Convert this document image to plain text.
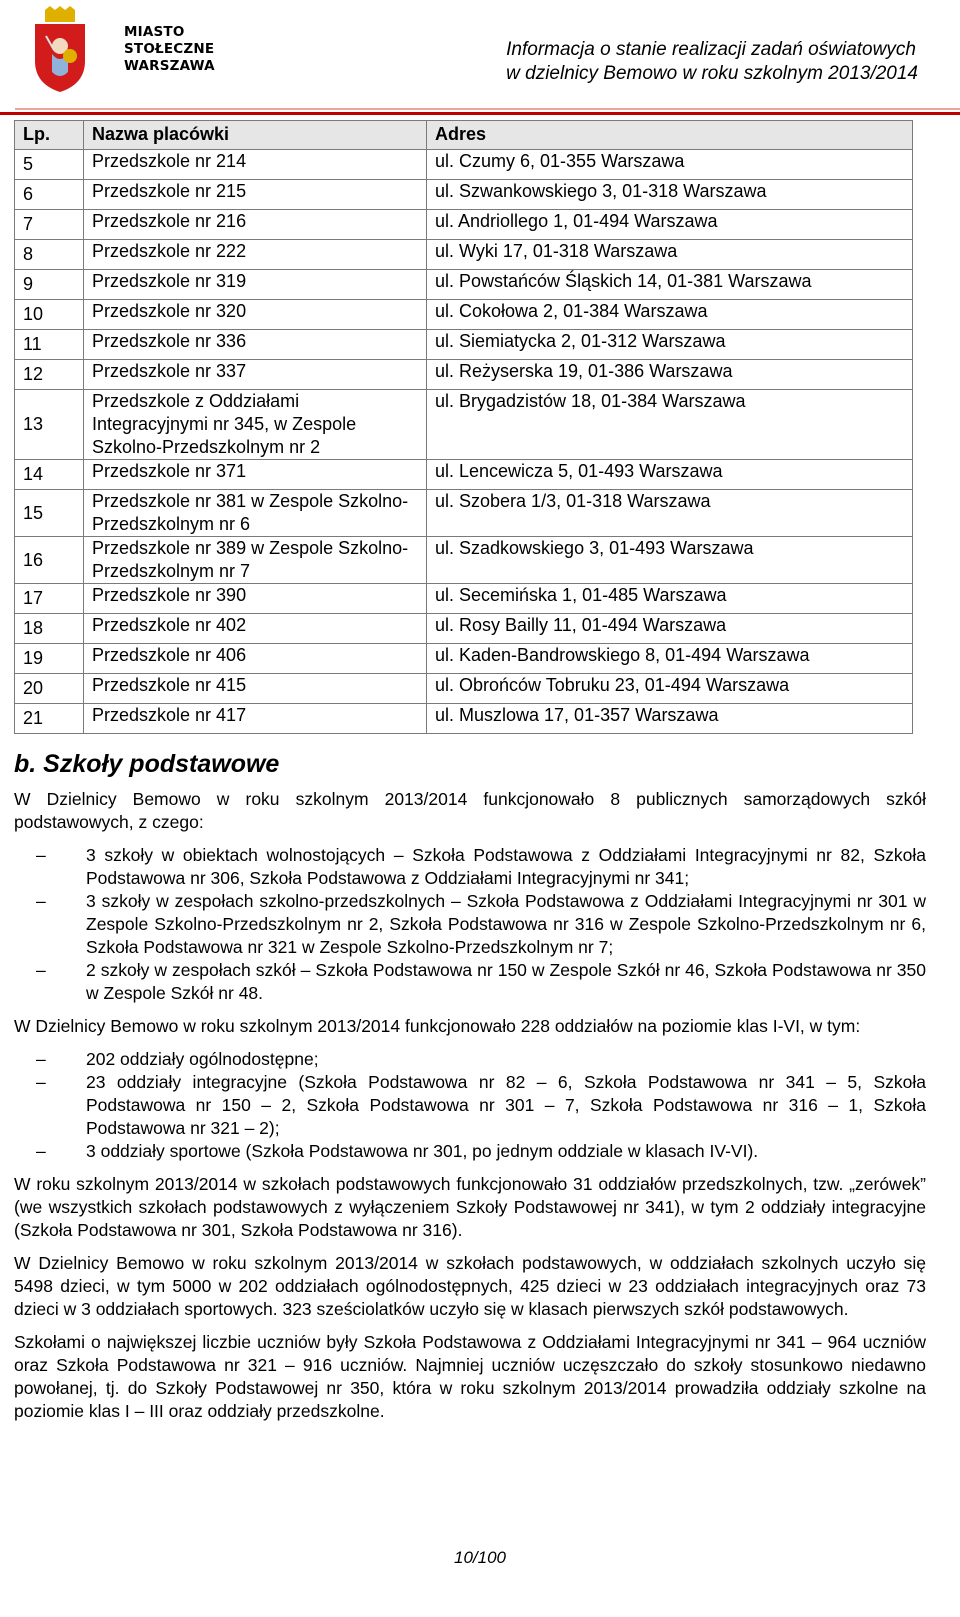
MIASTO
STOŁECZNE
WARSZAWA
Informacja o stanie realizacji zadań oświatowych
w dzielnicy Bemowo w roku szkolnym 2013/2014
Lp.	Nazwa placówki	Adres
5	Przedszkole nr 214	ul. Czumy 6, 01-355 Warszawa
6	Przedszkole nr 215	ul. Szwankowskiego 3, 01-318 Warszawa
7	Przedszkole nr 216	ul. Andriollego 1, 01-494 Warszawa
8	Przedszkole nr 222	ul. Wyki 17, 01-318 Warszawa
9	Przedszkole nr 319	ul. Powstańców Śląskich 14, 01-381 Warszawa
10	Przedszkole nr 320	ul. Cokołowa 2, 01-384 Warszawa
11	Przedszkole nr 336	ul. Siemiatycka 2, 01-312 Warszawa
12	Przedszkole nr 337	ul. Reżyserska 19, 01-386 Warszawa
13	Przedszkole z Oddziałami Integracyjnymi nr 345, w Zespole Szkolno-Przedszkolnym nr 2	ul. Brygadzistów 18, 01-384 Warszawa
14	Przedszkole nr 371	ul. Lencewicza 5, 01-493 Warszawa
15	Przedszkole nr 381 w Zespole Szkolno-Przedszkolnym nr 6	ul. Szobera 1/3, 01-318 Warszawa
16	Przedszkole nr 389 w Zespole Szkolno-Przedszkolnym nr 7	ul. Szadkowskiego 3, 01-493 Warszawa
17	Przedszkole nr 390	ul. Secemińska 1, 01-485 Warszawa
18	Przedszkole nr 402	ul. Rosy Bailly 11, 01-494 Warszawa
19	Przedszkole nr 406	ul. Kaden-Bandrowskiego 8, 01-494 Warszawa
20	Przedszkole nr 415	ul. Obrońców Tobruku 23, 01-494 Warszawa
21	Przedszkole nr 417	ul. Muszlowa 17, 01-357 Warszawa
b. Szkoły podstawowe

W Dzielnicy Bemowo w roku szkolnym 2013/2014 funkcjonowało 8 publicznych samorządowych szkół podstawowych, z czego:

– 3 szkoły w obiektach wolnostojących – Szkoła Podstawowa z Oddziałami Integracyjnymi nr 82, Szkoła Podstawowa nr 306, Szkoła Podstawowa z Oddziałami Integracyjnymi nr 341;
– 3 szkoły w zespołach szkolno-przedszkolnych – Szkoła Podstawowa z Oddziałami Integracyjnymi nr 301 w Zespole Szkolno-Przedszkolnym nr 2, Szkoła Podstawowa nr 316 w Zespole Szkolno-Przedszkolnym nr 6, Szkoła Podstawowa nr 321 w Zespole Szkolno-Przedszkolnym nr 7;
– 2 szkoły w zespołach szkół – Szkoła Podstawowa nr 150 w Zespole Szkół nr 46, Szkoła Podstawowa nr 350 w Zespole Szkół nr 48.

W Dzielnicy Bemowo w roku szkolnym 2013/2014 funkcjonowało 228 oddziałów na poziomie klas I-VI, w tym:

– 202 oddziały ogólnodostępne;
– 23 oddziały integracyjne (Szkoła Podstawowa nr 82 – 6, Szkoła Podstawowa nr 341 – 5, Szkoła Podstawowa nr 150 – 2, Szkoła Podstawowa nr 301 – 7, Szkoła Podstawowa nr 316 – 1, Szkoła Podstawowa nr 321 – 2);
– 3 oddziały sportowe (Szkoła Podstawowa nr 301, po jednym oddziale w klasach IV-VI).

W roku szkolnym 2013/2014 w szkołach podstawowych funkcjonowało 31 oddziałów przedszkolnych, tzw. „zerówek” (we wszystkich szkołach podstawowych z wyłączeniem Szkoły Podstawowej nr 341), w tym 2 oddziały integracyjne (Szkoła Podstawowa nr 301, Szkoła Podstawowa nr 316).

W Dzielnicy Bemowo w roku szkolnym 2013/2014 w szkołach podstawowych, w oddziałach szkolnych uczyło się 5498 dzieci, w tym 5000 w 202 oddziałach ogólnodostępnych, 425 dzieci w 23 oddziałach integracyjnych oraz 73 dzieci w 3 oddziałach sportowych. 323 sześciolatków uczyło się w klasach pierwszych szkół podstawowych.

Szkołami o największej liczbie uczniów były Szkoła Podstawowa z Oddziałami Integracyjnymi nr 341 – 964 uczniów oraz Szkoła Podstawowa nr 321 – 916 uczniów. Najmniej uczniów uczęszczało do szkoły stosunkowo niedawno powołanej, tj. do Szkoły Podstawowej nr 350, która w roku szkolnym 2013/2014 prowadziła oddziały szkolne na poziomie klas I – III oraz oddziały przedszkolne.

10/100
